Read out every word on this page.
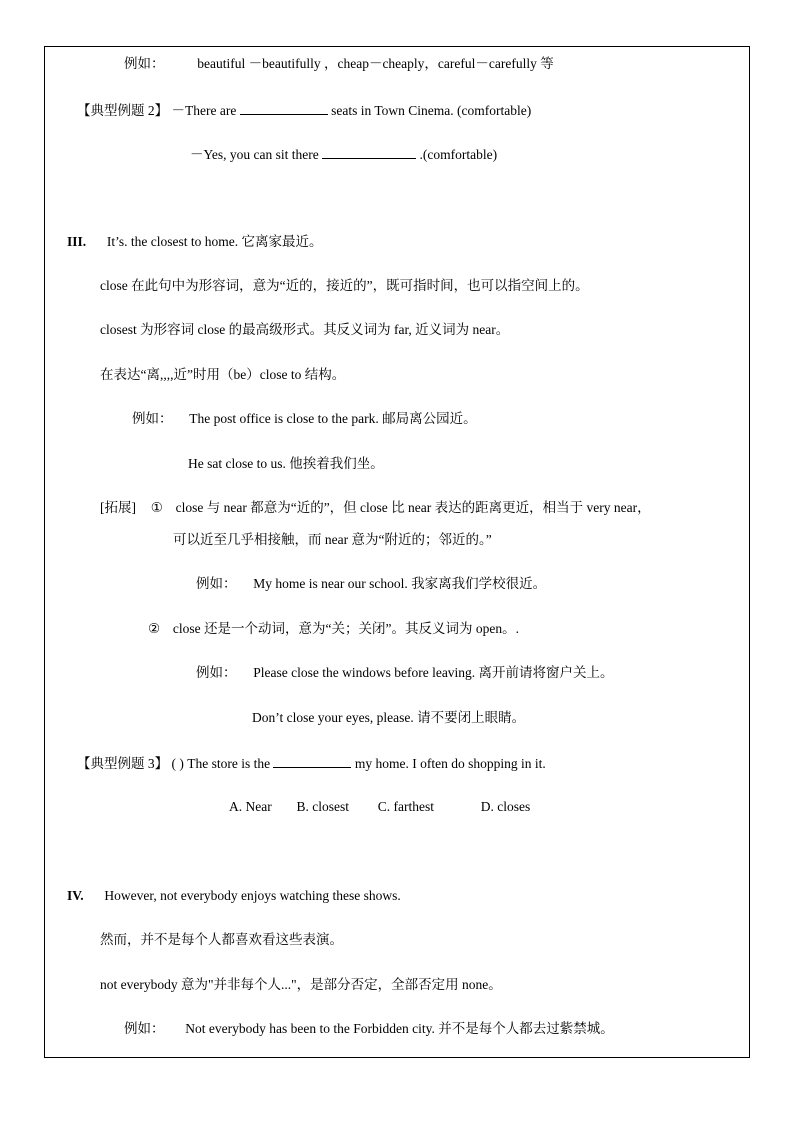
例如： beautiful －beautifully ，cheap－cheaply，careful－carefully 等
【典型例题 2】 －There are	seats in Town Cinema. (comfortable)
－Yes, you can sit there	.(comfortable)
III. It’s. the closest to home. 它离家最近。
close 在此句中为形容词，意为“近的，接近的”，既可指时间，也可以指空间上的。
closest 为形容词 close 的最高级形式。其反义词为 far, 近义词为 near。
在表达“离,,,,近”时用（be）close to 结构。
例如： The post office is close to the park. 邮局离公园近。
He sat close to us. 他挨着我们坐。
[拓展] ① close 与 near 都意为“近的”，但 close 比 near 表达的距离更近，相当于 very near，
可以近至几乎相接触，而 near 意为“附近的；邻近的。”
例如： My home is near our school. 我家离我们学校很近。
② close 还是一个动词，意为“关；关闭”。其反义词为 open。.
例如： Please close the windows before leaving. 离开前请将窗户关上。
Don’t close your eyes, please. 请不要闭上眼睛。
【典型例题 3】 ( ) The store is the	my home. I often do shopping in it.
A. Near B. closest C. farthest	D. closes
IV. However, not everybody enjoys watching these shows.
然而，并不是每个人都喜欢看这些表演。
not everybody 意为"并非每个人..."，是部分否定，全部否定用 none。
例如： Not everybody has been to the Forbidden city. 并不是每个人都去过紫禁城。
